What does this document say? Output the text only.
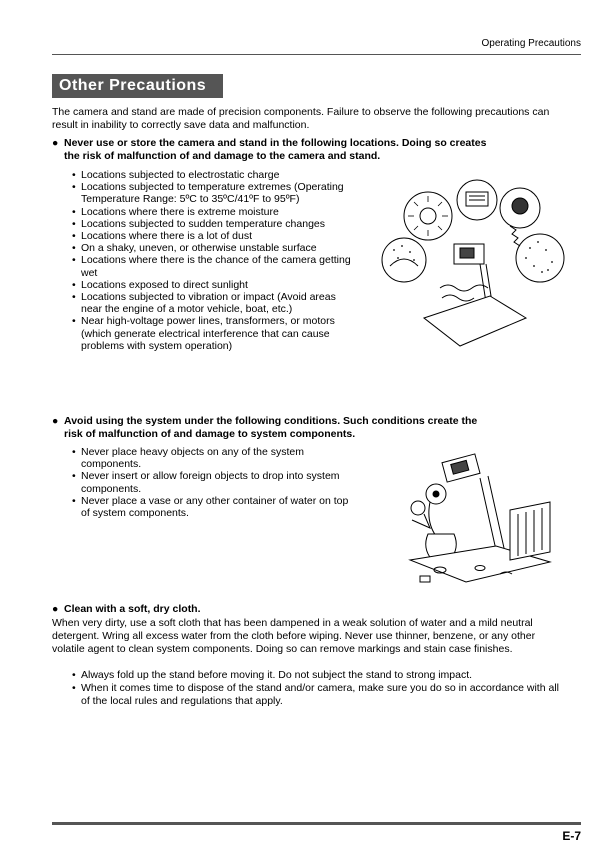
Operating Precautions
Other Precautions
The camera and stand are made of precision components. Failure to observe the following precautions can result in inability to correctly save data and malfunction.
● Never use or store the camera and stand in the following locations. Doing so creates
the risk of malfunction of and damage to the camera and stand.
• Locations subjected to electrostatic charge
• Locations subjected to temperature extremes (Operating Temperature Range: 5ºC to 35ºC/41ºF to 95ºF)
• Locations where there is extreme moisture
• Locations subjected to sudden temperature changes
• Locations where there is a lot of dust
• On a shaky, uneven, or otherwise unstable surface
• Locations where there is the chance of the camera getting wet
• Locations exposed to direct sunlight
• Locations subjected to vibration or impact (Avoid areas near the engine of a motor vehicle, boat, etc.)
• Near high-voltage power lines, transformers, or motors (which generate electrical interference that can cause problems with system operation)
● Avoid using the system under the following conditions. Such conditions create the
risk of malfunction of and damage to system components.
• Never place heavy objects on any of the system components.
• Never insert or allow foreign objects to drop into system components.
• Never place a vase or any other container of water on top of system components.
● Clean with a soft, dry cloth.
When very dirty, use a soft cloth that has been dampened in a weak solution of water and a mild neutral detergent. Wring all excess water from the cloth before wiping. Never use thinner, benzene, or any other volatile agent to clean system components. Doing so can remove markings and stain case finishes.
• Always fold up the stand before moving it. Do not subject the stand to strong impact.
• When it comes time to dispose of the stand and/or camera, make sure you do so in accordance with all of the local rules and regulations that apply.
E-7
